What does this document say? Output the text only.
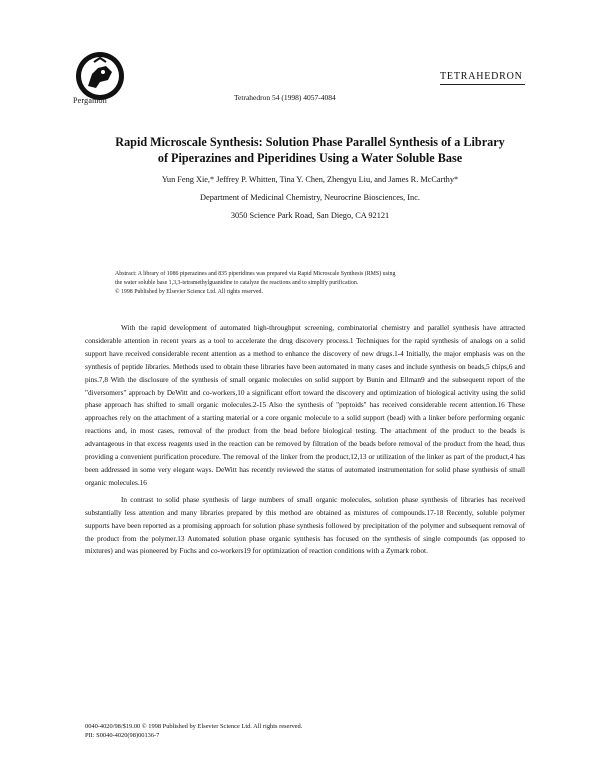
Pergamon	Tetrahedron 54 (1998) 4057-4084
TETRAHEDRON
Rapid Microscale Synthesis: Solution Phase Parallel Synthesis of a Library
of Piperazines and Piperidines Using a Water Soluble Base
Yun Feng Xie,* Jeffrey P. Whitten, Tina Y. Chen, Zhengyu Liu, and James R. McCarthy*
Department of Medicinal Chemistry, Neurocrine Biosciences, Inc.
3050 Science Park Road, San Diego, CA 92121

Abstract: A library of 1086 piperazines and 835 piperidines was prepared via Rapid Microscale Synthesis (RMS) using

the water soluble base 1,3,3-tetramethylguanidine to catalyze the reactions and to simplify purification.

© 1998 Published by Elsevier Science Ltd. All rights reserved.

With the rapid development of automated high-throughput screening, combinatorial chemistry and parallel synthesis have attracted considerable attention in recent years as a tool to accelerate the drug discovery process.1 Techniques for the rapid synthesis of analogs on a solid support have received considerable recent attention as a method to enhance the discovery of new drugs.1-4 Initially, the major emphasis was on the synthesis of peptide libraries. Methods used to obtain these libraries have been automated in many cases and include synthesis on beads,5 chips,6 and pins.7,8 With the disclosure of the synthesis of small organic molecules on solid support by Bunin and Ellman9 and the subsequent report of the "diversomers" approach by DeWitt and co-workers,10 a significant effort toward the discovery and optimization of biological activity using the solid phase approach has shifted to small organic molecules.2-15 Also the synthesis of "peptoids" has received considerable recent attention.16 These approaches rely on the attachment of a starting material or a core organic molecule to a solid support (bead) with a linker before performing organic reactions and, in most cases, removal of the product from the bead before biological testing. The attachment of the product to the beads is advantageous in that excess reagents used in the reaction can be removed by filtration of the beads before removal of the product from the head, thus providing a convenient purification procedure. The removal of the linker from the product,12,13 or utilization of the linker as part of the product,4 has been addressed in some very elegant ways. DeWitt has recently reviewed the status of automated instrumentation for solid phase synthesis of small organic molecules.16

In contrast to solid phase synthesis of large numbers of small organic molecules, solution phase synthesis of libraries has received substantially less attention and many libraries prepared by this method are obtained as mixtures of compounds.17-18 Recently, soluble polymer supports have been reported as a promising approach for solution phase synthesis followed by precipitation of the polymer and subsequent removal of the product from the polymer.13 Automated solution phase organic synthesis has focused on the synthesis of single compounds (as opposed to mixtures) and was pioneered by Fuchs and co-workers19 for optimization of reaction conditions with a Zymark robot.

0040-4020/98/$19.00 © 1998 Published by Elsevier Science Ltd. All rights reserved.
PII: S0040-4020(98)00136-7
